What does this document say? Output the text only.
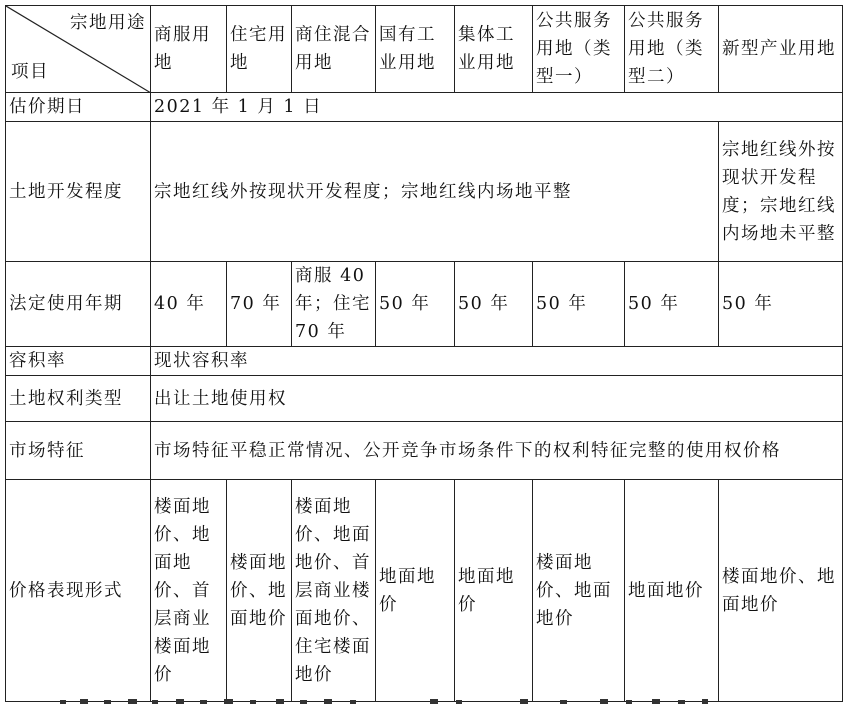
宗地用途
项目	商服用地	住宅用地	商住混合用地	国有工业用地	集体工业用地	公共服务用地（类型一）	公共服务用地（类型二）	新型产业用地
估价期日	2021 年 1 月 1 日							
土地开发程度	宗地红线外按现状开发程度；宗地红线内场地平整							宗地红线外按现状开发程度；宗地红线内场地未平整
法定使用年期	40 年	70 年	商服 40 年；住宅 70 年	50 年	50 年	50 年	50 年	50 年
容积率	现状容积率							
土地权利类型	出让土地使用权							
市场特征	市场特征平稳正常情况、公开竞争市场条件下的权利特征完整的使用权价格							
价格表现形式	楼面地价、地面地价、首层商业楼面地价	楼面地价、地面地价	楼面地价、地面地价、首层商业楼面地价、住宅楼面地价	地面地价	地面地价	楼面地价、地面地价	地面地价	楼面地价、地面地价
